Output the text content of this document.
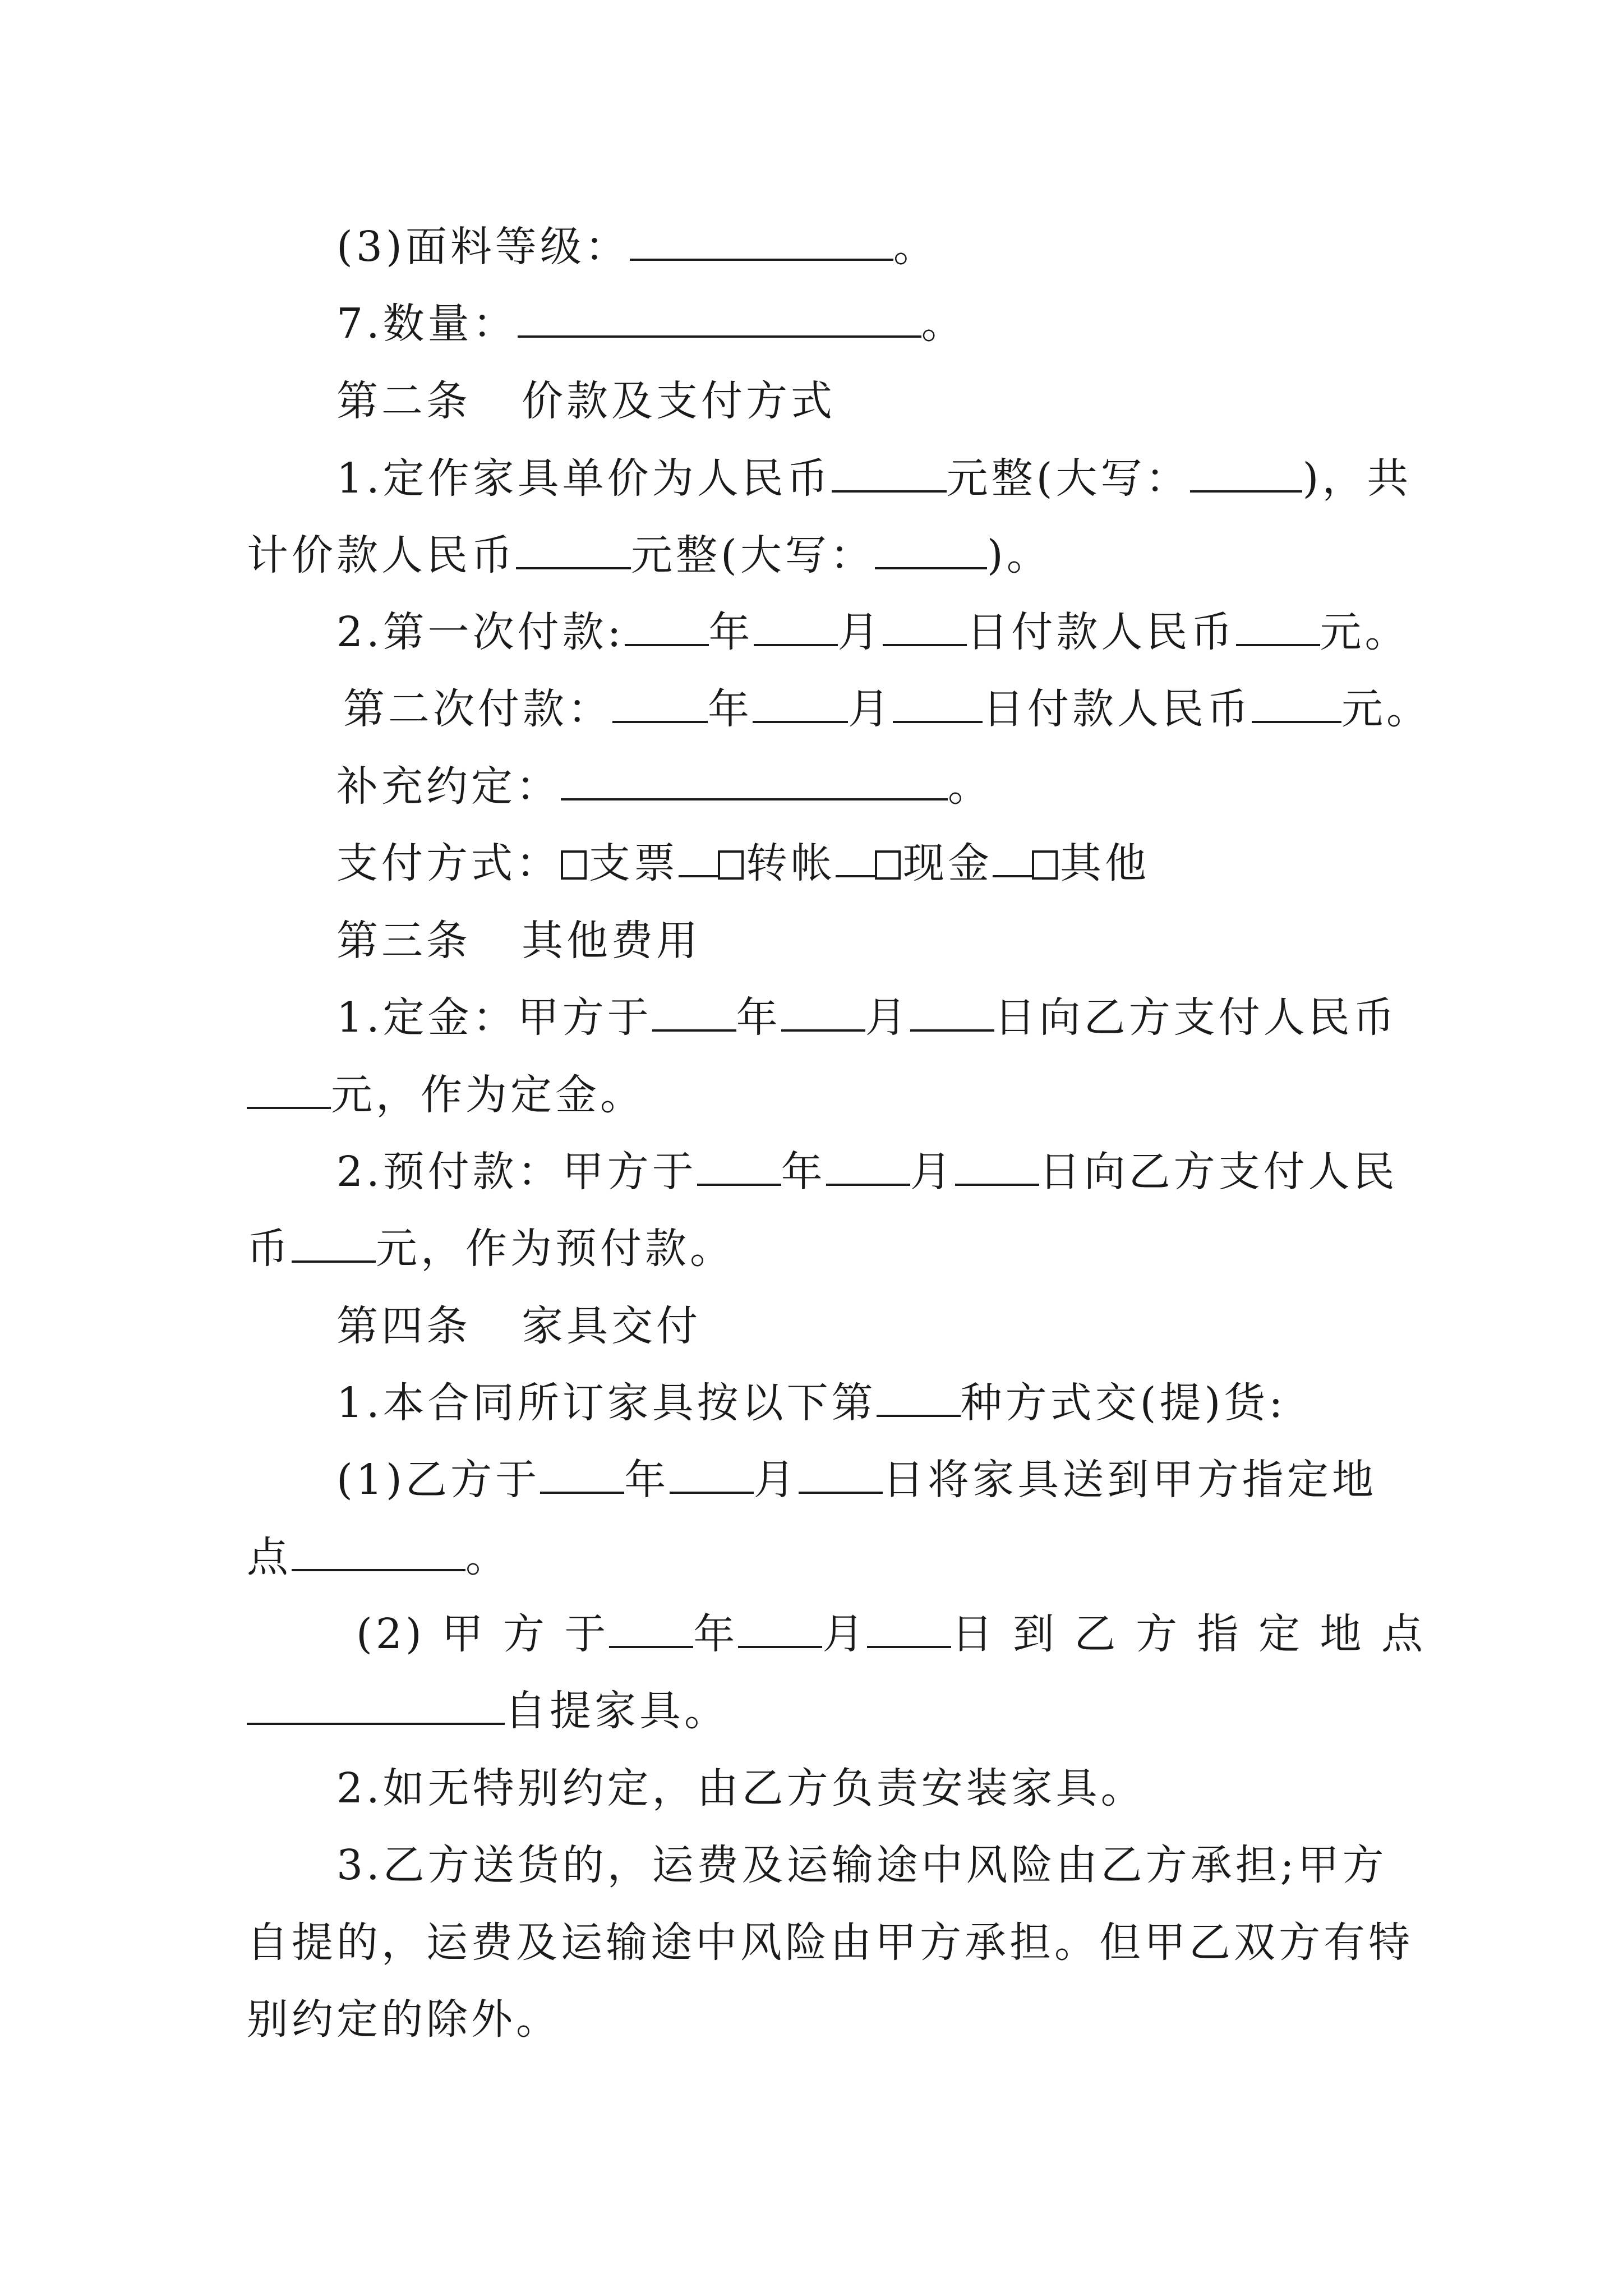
(3)面料等级：	。
7.数量：	。
第二条 价款及支付方式
1.定作家具单价为人民币	元整(大写：	)，共
计价款人民币	元整(大写：	)。
2.第一次付款: 年 月 日付款人民币 元。
第二次付款： 年 月 日付款人民币 元。
补充约定：	。
支付方式： 支票 转帐 现金 其他
第三条 其他费用
1.定金：甲方于 年 月 日向乙方支付人民币
元，作为定金。
2.预付款：甲方于 年 月 日向乙方支付人民
币 元，作为预付款。
第四条 家具交付
1.本合同所订家具按以下第 种方式交(提)货:
(1)乙方于 年 月 日将家具送到甲方指定地
点	。
(2) 甲 方 于 年 月 日 到 乙 方 指 定 地 点
自提家具。
2.如无特别约定，由乙方负责安装家具。
3.乙方送货的，运费及运输途中风险由乙方承担;甲方
自提的，运费及运输途中风险由甲方承担。但甲乙双方有特
别约定的除外。
